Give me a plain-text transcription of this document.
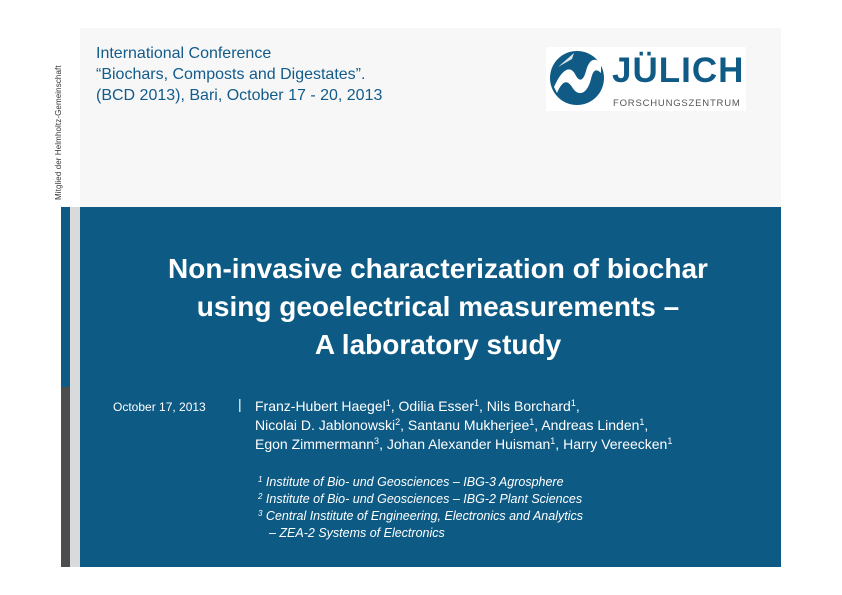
Mitglied der Helmholtz-Gemeinschaft
International Conference
“Biochars, Composts and Digestates”.
(BCD 2013), Bari, October 17 - 20, 2013
JÜLICH
FORSCHUNGSZENTRUM
Non-invasive characterization of biochar
using geoelectrical measurements –
A laboratory study
October 17, 2013 | Franz-Hubert Haegel$^1$, Odilia Esser$^1$, Nils Borchard$^1$,
Nicolai D. Jablonowski$^2$, Santanu Mukherjee$^1$, Andreas Linden$^1$,
Egon Zimmermann$^3$, Johan Alexander Huisman$^1$, Harry Vereecken$^1$
$^1$ Institute of Bio- und Geosciences – IBG-3 Agrosphere
$^2$ Institute of Bio- und Geosciences – IBG-2 Plant Sciences
$^3$ Central Institute of Engineering, Electronics and Analytics
– ZEA-2 Systems of Electronics
